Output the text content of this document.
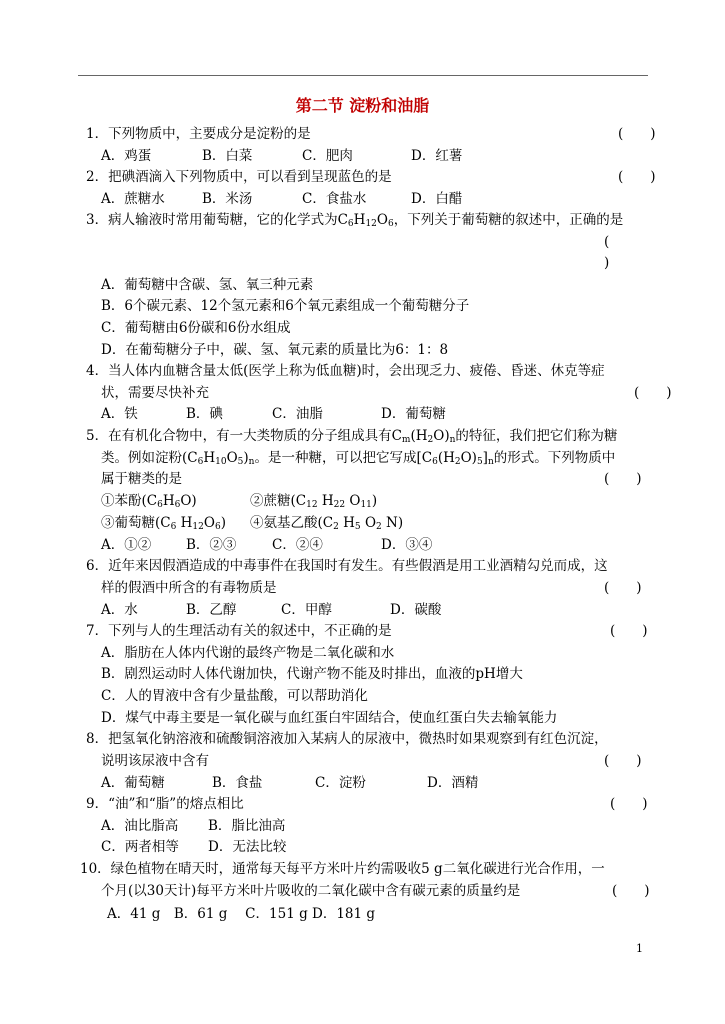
第二节 淀粉和油脂
1．下列物质中，主要成分是淀粉的是	(　　)
A．鸡蛋	B．白菜	C．肥肉	D．红薯
2．把碘酒滴入下列物质中，可以看到呈现蓝色的是	(　　)
A．蔗糖水	B．米汤	C．食盐水	D．白醋
3．病人输液时常用葡萄糖，它的化学式为$C_6H_{12}O_6$，下列关于葡萄糖的叙述中，正确的是
(
)
A．葡萄糖中含碳、氢、氧三种元素
B．6个碳元素、12个氢元素和6个氧元素组成一个葡萄糖分子
C．葡萄糖由6份碳和6份水组成
D．在葡萄糖分子中，碳、氢、氧元素的质量比为6：1：8
4．当人体内血糖含量太低(医学上称为低血糖)时，会出现乏力、疲倦、昏迷、休克等症
状，需要尽快补充	(　　)
A．铁	B．碘	C．油脂	D．葡萄糖
5．在有机化合物中，有一大类物质的分子组成具有$C_m(H_2O)_n$的特征，我们把它们称为糖
类。例如淀粉$(C_6H_{10}O_5)_n$。是一种糖，可以把它写成$[C_6(H_2O)_5]_n$的形式。下列物质中
属于糖类的是	(　　)
①苯酚$(C_6H_6O)$	②蔗糖($C_{12}$ $H_{22}$ $O_{11}$)
③葡萄糖($C_6$ $H_{12}O_6$) ④氨基乙酸($C_2$ $H_5$ $O_2$ N)
A．①②	B．②③	C．②④	D．③④
6．近年来因假酒造成的中毒事件在我国时有发生。有些假酒是用工业酒精勾兑而成，这
样的假酒中所含的有毒物质是	(　　)
A．水	B．乙醇	C．甲醇	D．碳酸
7．下列与人的生理活动有关的叙述中，不正确的是	(　　)
A．脂肪在人体内代谢的最终产物是二氧化碳和水
B．剧烈运动时人体代谢加快，代谢产物不能及时排出，血液的pH增大
C．人的胃液中含有少量盐酸，可以帮助消化
D．煤气中毒主要是一氧化碳与血红蛋白牢固结合，使血红蛋白失去输氧能力
8．把氢氧化钠溶液和硫酸铜溶液加入某病人的尿液中，微热时如果观察到有红色沉淀，
说明该尿液中含有	(　　)
A．葡萄糖	B．食盐	C．淀粉	D．酒精
9．“油”和“脂”的熔点相比	(　　)
A．油比脂高 B．脂比油高
C．两者相等 D．无法比较
10．绿色植物在晴天时，通常每天每平方米叶片约需吸收5 g二氧化碳进行光合作用，一
个月(以30天计)每平方米叶片吸收的二氧化碳中含有碳元素的质量约是	(　　)
A．41 g　B．61 g　 C．151 g D．181 g
1
